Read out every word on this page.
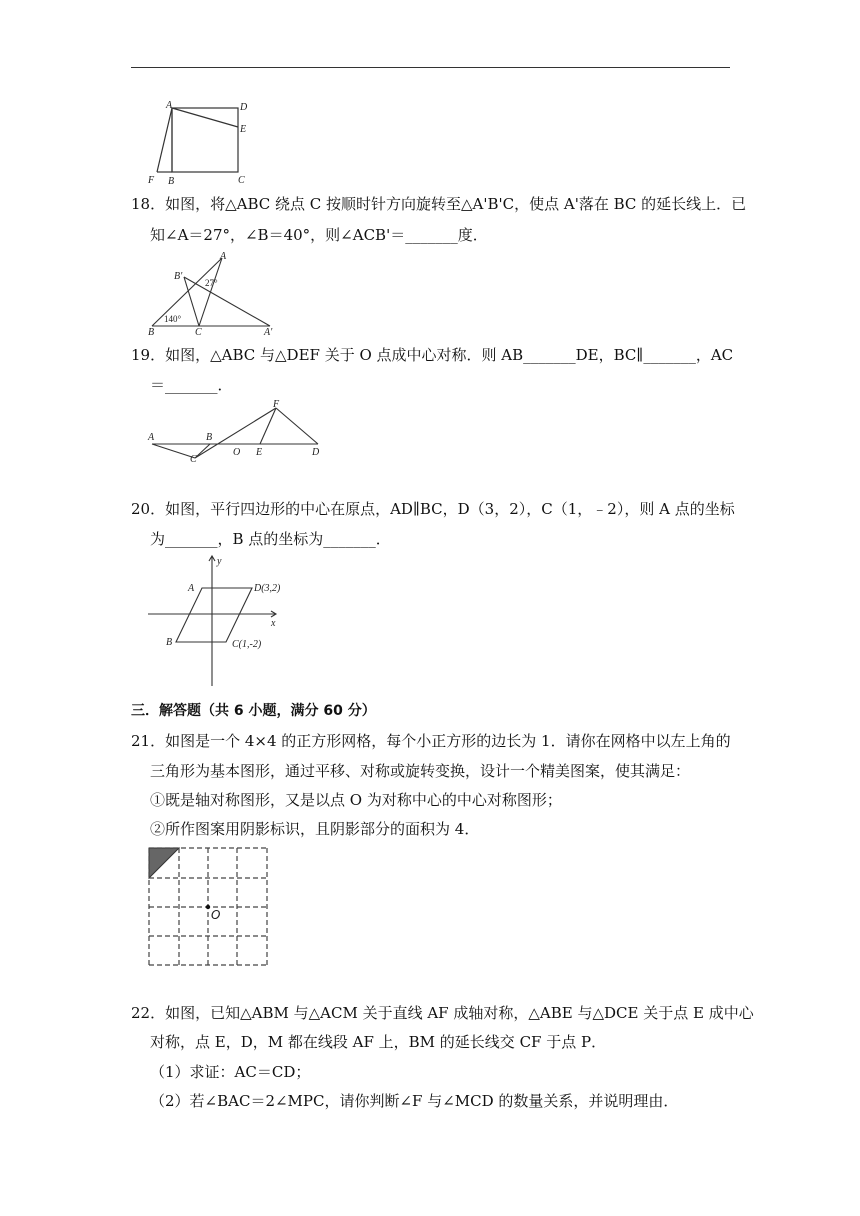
A	D
E
F B	C
18．如图，将△ABC 绕点 C 按顺时针方向旋转至△A'B'C，使点 A'落在 BC 的延长线上．已
知∠A＝27°，∠B＝40°，则∠ACB'＝_______度．
A
B'
27°
140°
B	C	A'
19．如图，△ABC 与△DEF 关于 O 点成中心对称．则 AB_______DE，BC∥_______，AC
＝_______．
F
A	B
O E	D
C
20．如图，平行四边形的中心在原点，AD∥BC，D（3，2），C（1，﹣2），则 A 点的坐标
为_______，B 点的坐标为_______．
y
A	D(3,2)
x
B	C(1,-2)
三．解答题（共 6 小题，满分 60 分）
21．如图是一个 4×4 的正方形网格，每个小正方形的边长为 1．请你在网格中以左上角的
三角形为基本图形，通过平移、对称或旋转变换，设计一个精美图案，使其满足：
①既是轴对称图形，又是以点 O 为对称中心的中心对称图形；
②所作图案用阴影标识，且阴影部分的面积为 4．
O
22．如图，已知△ABM 与△ACM 关于直线 AF 成轴对称，△ABE 与△DCE 关于点 E 成中心
对称，点 E，D，M 都在线段 AF 上，BM 的延长线交 CF 于点 P．
（1）求证：AC＝CD；
（2）若∠BAC＝2∠MPC，请你判断∠F 与∠MCD 的数量关系，并说明理由．
